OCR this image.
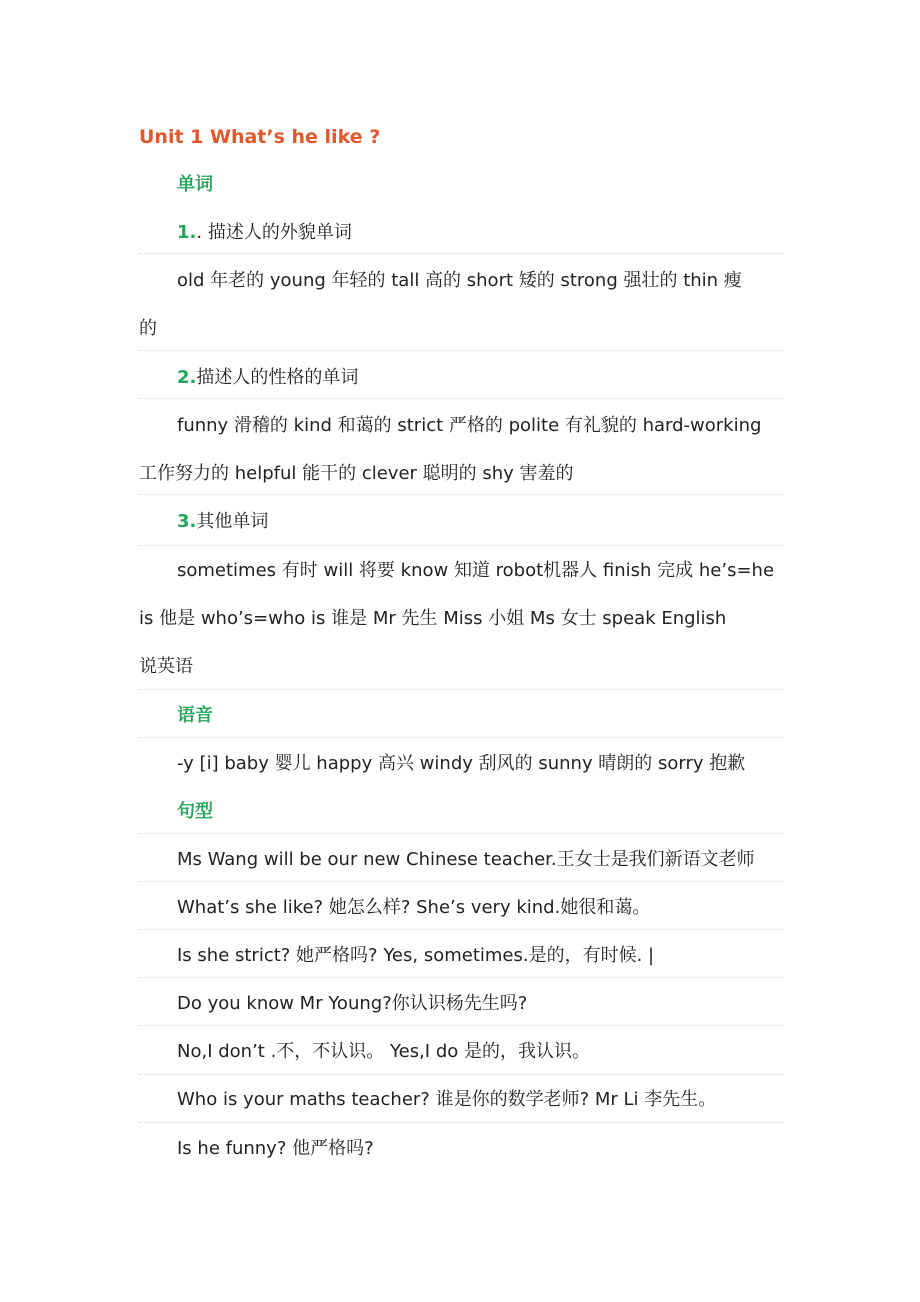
Unit 1 What’s he like ?
单词
1.. 描述人的外貌单词
old 年老的 young 年轻的 tall 高的 short 矮的 strong 强壮的 thin 瘦
的
2.描述人的性格的单词
funny 滑稽的 kind 和蔼的 strict 严格的 polite 有礼貌的 hard-working
工作努力的 helpful 能干的 clever 聪明的 shy 害羞的
3.其他单词
sometimes 有时 will 将要 know 知道 robot机器人 finish 完成 he’s=he
is 他是 who’s=who is 谁是 Mr 先生 Miss 小姐 Ms 女士 speak English
说英语
语音
-y [i] baby 婴儿 happy 高兴 windy 刮风的 sunny 晴朗的 sorry 抱歉
句型
Ms Wang will be our new Chinese teacher.王女士是我们新语文老师
What’s she like? 她怎么样? She’s very kind.她很和蔼。
Is she strict? 她严格吗? Yes, sometimes.是的，有时候. |
Do you know Mr Young?你认识杨先生吗?
No,I don’t .不，不认识。 Yes,I do 是的，我认识。
Who is your maths teacher? 谁是你的数学老师? Mr Li 李先生。
Is he funny? 他严格吗?
